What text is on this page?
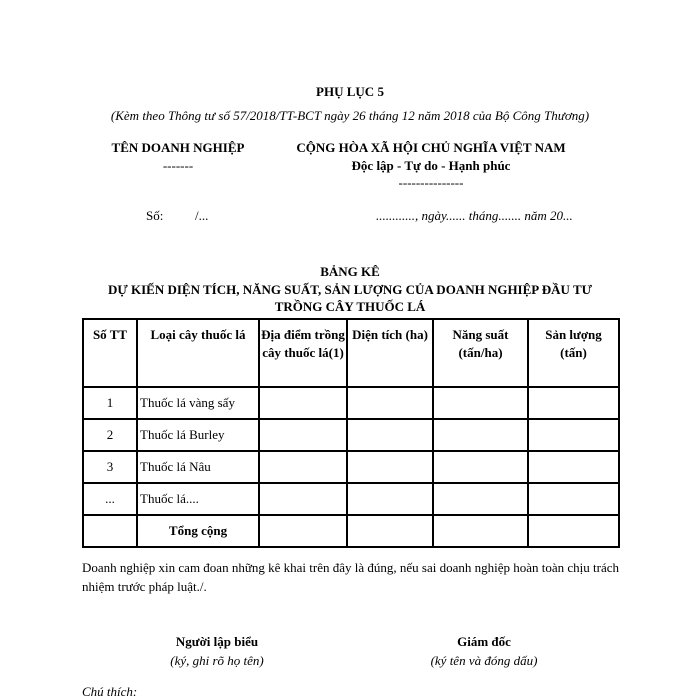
PHỤ LỤC 5
(Kèm theo Thông tư số 57/2018/TT-BCT ngày 26 tháng 12 năm 2018 của Bộ Công Thương)
TÊN DOANH NGHIỆP
-------
CỘNG HÒA XÃ HỘI CHỦ NGHĨA VIỆT NAM
Độc lập - Tự do - Hạnh phúc
---------------
Số: /...	............, ngày...... tháng....... năm 20...
BẢNG KÊ
DỰ KIẾN DIỆN TÍCH, NĂNG SUẤT, SẢN LƯỢNG CỦA DOANH NGHIỆP ĐẦU TƯ
TRỒNG CÂY THUỐC LÁ
Số TT	Loại cây thuốc lá	Địa điểm trồng cây thuốc lá(1)	Diện tích (ha)	Năng suất (tấn/ha)	Sản lượng (tấn)
1	Thuốc lá vàng sấy				
2	Thuốc lá Burley				
3	Thuốc lá Nâu				
...	Thuốc lá....				
	Tổng cộng				
Doanh nghiệp xin cam đoan những kê khai trên đây là đúng, nếu sai doanh nghiệp hoàn toàn chịu trách nhiệm trước pháp luật./.
Người lập biểu
(ký, ghi rõ họ tên)
Giám đốc
(ký tên và đóng dấu)
Chú thích:
